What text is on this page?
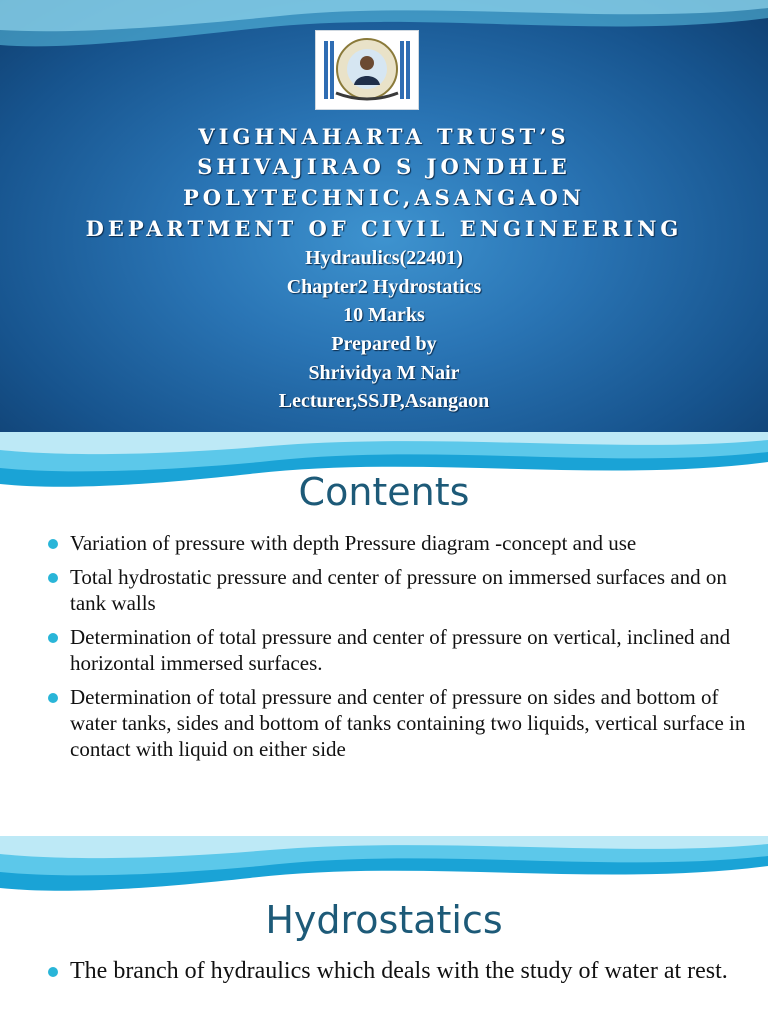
VIGHNAHARTA TRUST’S
SHIVAJIRAO S JONDHLE
POLYTECHNIC,ASANGAON
DEPARTMENT OF CIVIL ENGINEERING
Hydraulics(22401)
Chapter2 Hydrostatics
10 Marks
Prepared by
Shrividya M Nair
Lecturer,SSJP,Asangaon
Contents
Variation of pressure with depth Pressure diagram -concept and use
Total hydrostatic pressure and center of pressure on immersed surfaces and on tank walls
Determination of total pressure and center of pressure on vertical, inclined and horizontal immersed surfaces.
Determination of total pressure and center of pressure on sides and bottom of water tanks, sides and bottom of tanks containing two liquids, vertical surface in contact with liquid on either side
Hydrostatics
The branch of hydraulics which deals with the study of water at rest.
